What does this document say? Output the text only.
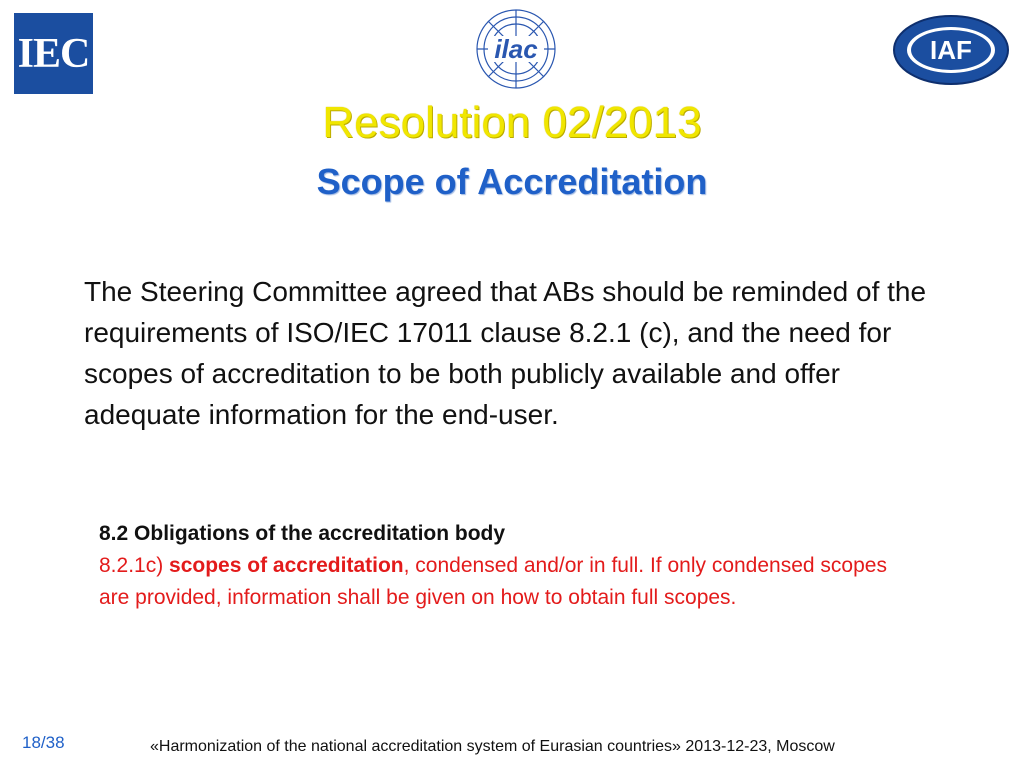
IEC	ilac	IAF
Resolution 02/2013
Scope of Accreditation
The Steering Committee agreed that ABs should be reminded of the requirements of ISO/IEC 17011 clause 8.2.1 (c), and the need for scopes of accreditation to be both publicly available and offer adequate information for the end-user.
8.2 Obligations of the accreditation body
8.2.1c) scopes of accreditation, condensed and/or in full. If only condensed scopes are provided, information shall be given on how to obtain full scopes.
18/38	«Harmonization of the national accreditation system of Eurasian countries» 2013-12-23, Moscow
